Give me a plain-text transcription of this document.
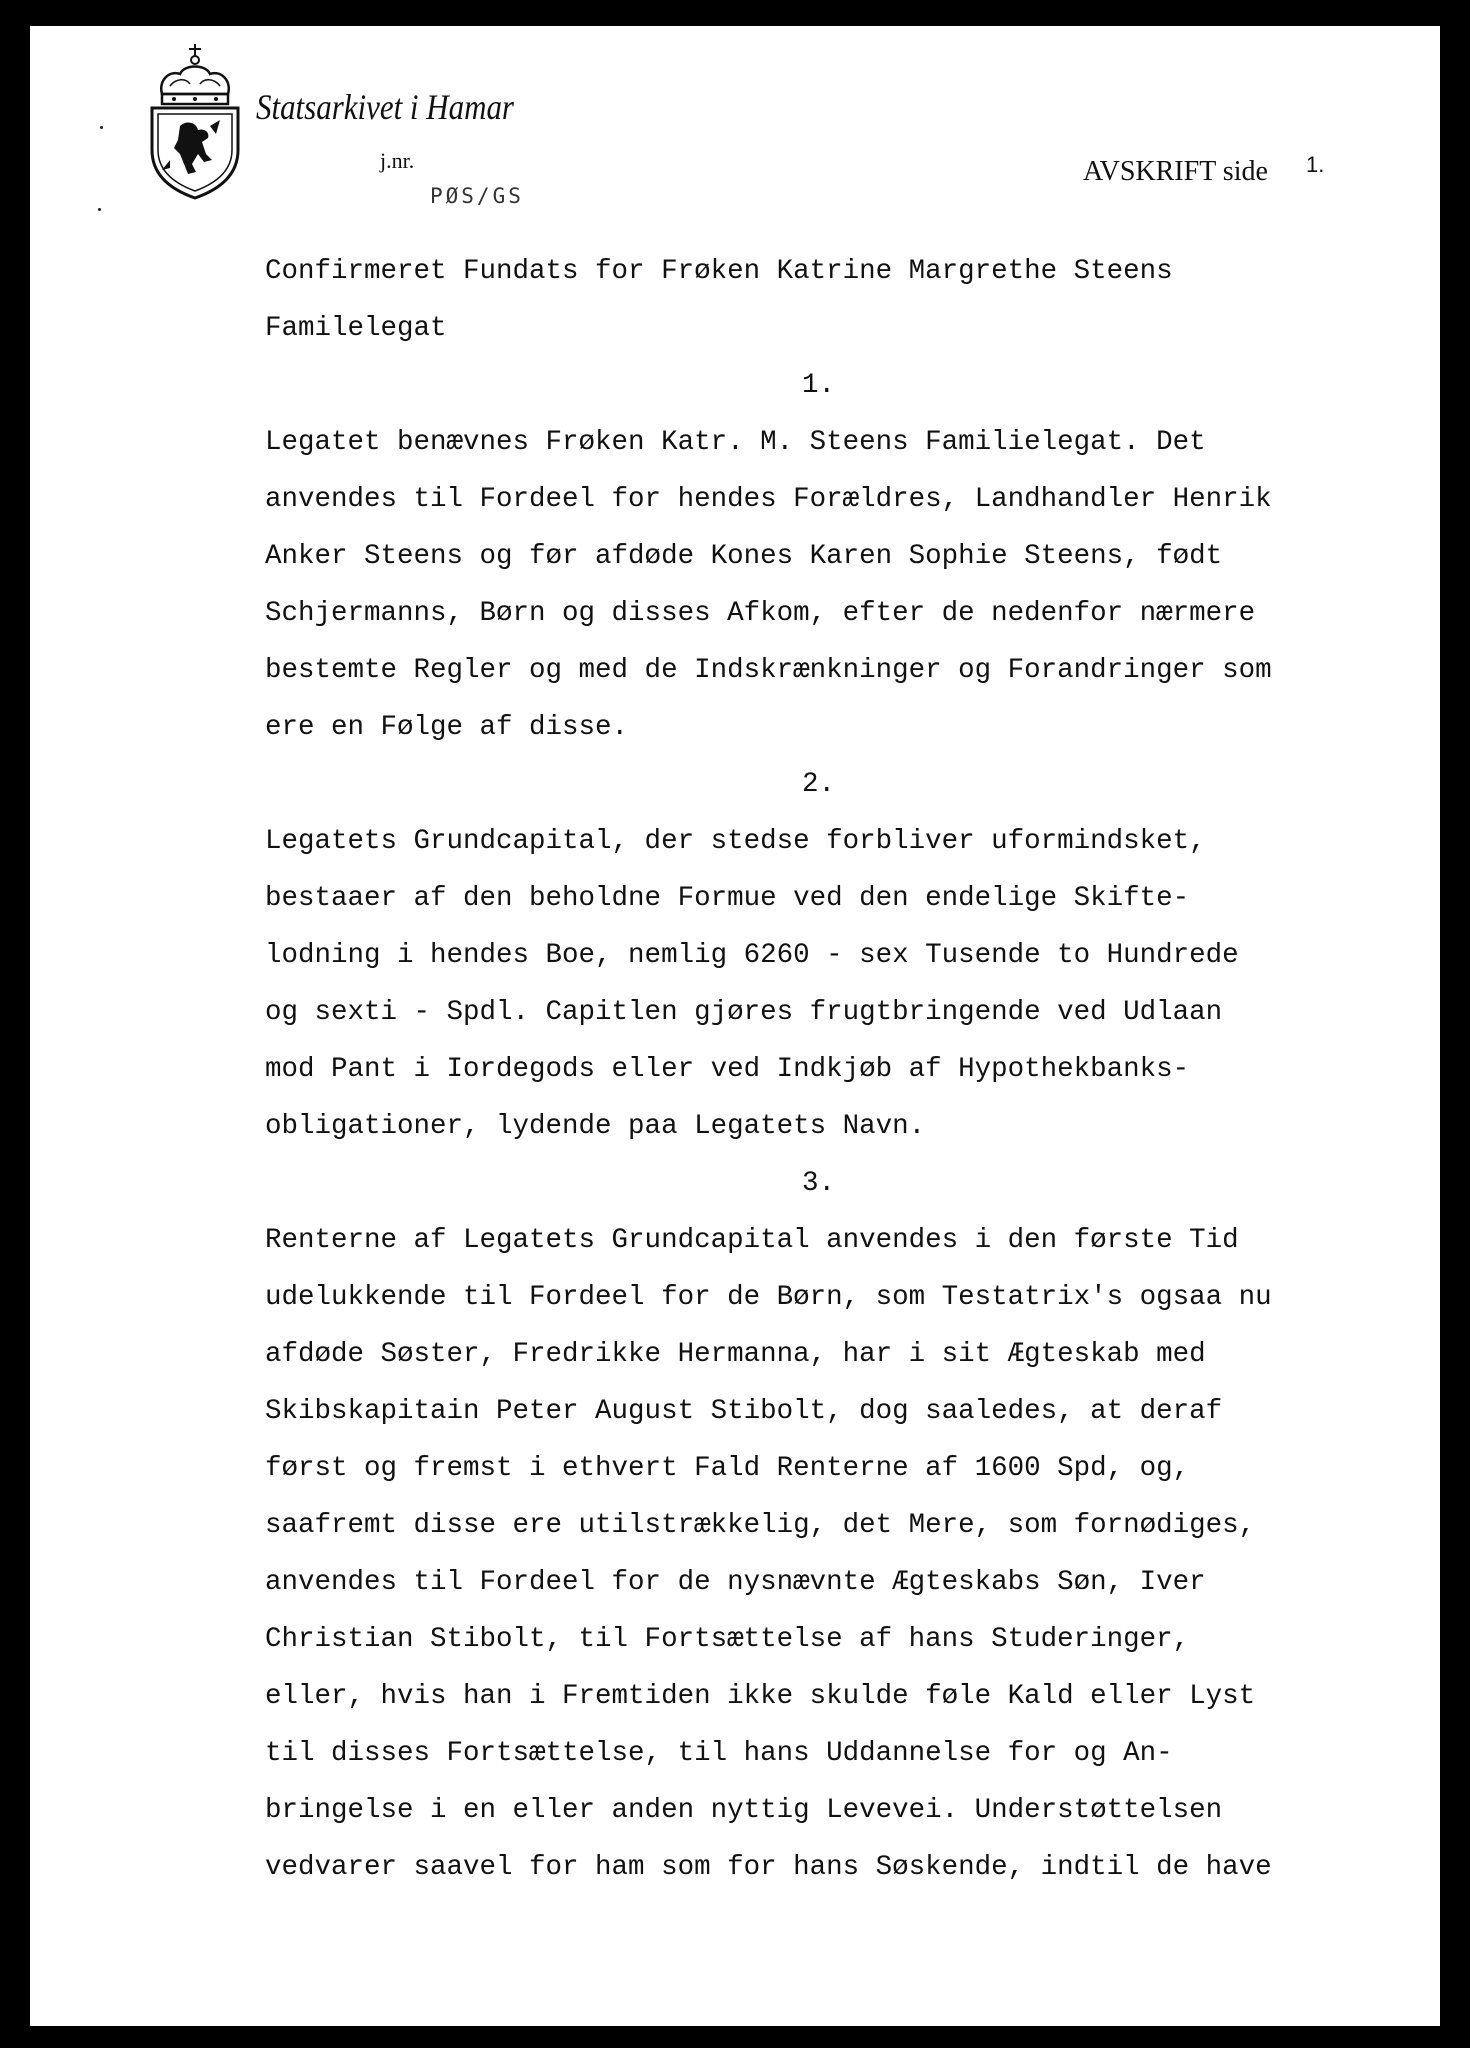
Statsarkivet i Hamar
j.nr.
PØS/GS
AVSKRIFT side 1.
Confirmeret Fundats for Frøken Katrine Margrethe Steens
Familelegat
1.
Legatet benævnes Frøken Katr. M. Steens Familielegat. Det
anvendes til Fordeel for hendes Forældres, Landhandler Henrik
Anker Steens og før afdøde Kones Karen Sophie Steens, født
Schjermanns, Børn og disses Afkom, efter de nedenfor nærmere
bestemte Regler og med de Indskrænkninger og Forandringer som
ere en Følge af disse.
2.
Legatets Grundcapital, der stedse forbliver uformindsket,
bestaaer af den beholdne Formue ved den endelige Skifte-
lodning i hendes Boe, nemlig 6260 - sex Tusende to Hundrede
og sexti - Spdl. Capitlen gjøres frugtbringende ved Udlaan
mod Pant i Iordegods eller ved Indkjøb af Hypothekbanks-
obligationer, lydende paa Legatets Navn.
3.
Renterne af Legatets Grundcapital anvendes i den første Tid
udelukkende til Fordeel for de Børn, som Testatrix's ogsaa nu
afdøde Søster, Fredrikke Hermanna, har i sit Ægteskab med
Skibskapitain Peter August Stibolt, dog saaledes, at deraf
først og fremst i ethvert Fald Renterne af 1600 Spd, og,
saafremt disse ere utilstrækkelig, det Mere, som fornødiges,
anvendes til Fordeel for de nysnævnte Ægteskabs Søn, Iver
Christian Stibolt, til Fortsættelse af hans Studeringer,
eller, hvis han i Fremtiden ikke skulde føle Kald eller Lyst
til disses Fortsættelse, til hans Uddannelse for og An-
bringelse i en eller anden nyttig Levevei. Understøttelsen
vedvarer saavel for ham som for hans Søskende, indtil de have
